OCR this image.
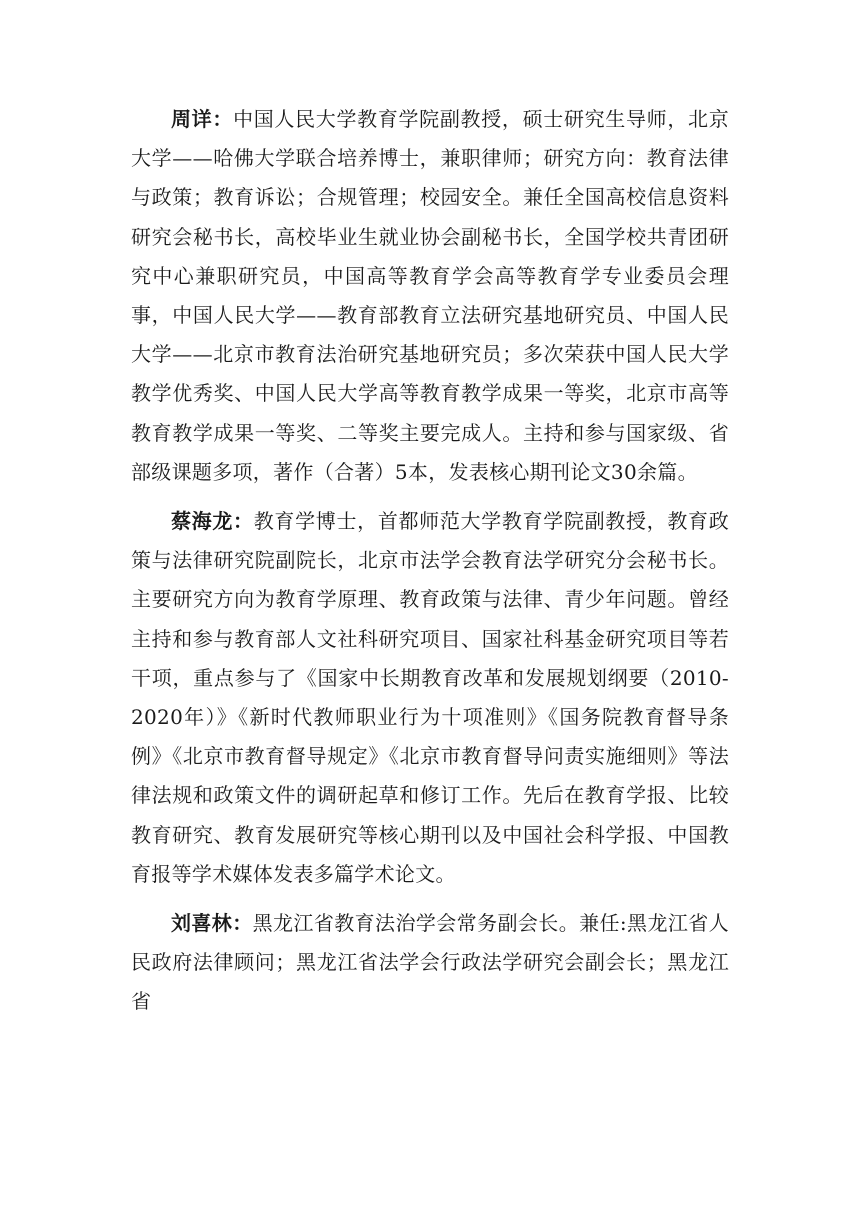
周详：中国人民大学教育学院副教授，硕士研究生导师，北京大学——哈佛大学联合培养博士，兼职律师；研究方向：教育法律与政策；教育诉讼；合规管理；校园安全。兼任全国高校信息资料研究会秘书长，高校毕业生就业协会副秘书长，全国学校共青团研究中心兼职研究员，中国高等教育学会高等教育学专业委员会理事，中国人民大学——教育部教育立法研究基地研究员、中国人民大学——北京市教育法治研究基地研究员；多次荣获中国人民大学教学优秀奖、中国人民大学高等教育教学成果一等奖，北京市高等教育教学成果一等奖、二等奖主要完成人。主持和参与国家级、省部级课题多项，著作（合著）5本，发表核心期刊论文30余篇。

蔡海龙：教育学博士，首都师范大学教育学院副教授，教育政策与法律研究院副院长，北京市法学会教育法学研究分会秘书长。主要研究方向为教育学原理、教育政策与法律、青少年问题。曾经主持和参与教育部人文社科研究项目、国家社科基金研究项目等若干项，重点参与了《国家中长期教育改革和发展规划纲要（2010-2020年）》《新时代教师职业行为十项准则》《国务院教育督导条例》《北京市教育督导规定》《北京市教育督导问责实施细则》等法律法规和政策文件的调研起草和修订工作。先后在教育学报、比较教育研究、教育发展研究等核心期刊以及中国社会科学报、中国教育报等学术媒体发表多篇学术论文。

刘喜林：黑龙江省教育法治学会常务副会长。兼任:黑龙江省人民政府法律顾问；黑龙江省法学会行政法学研究会副会长；黑龙江省
